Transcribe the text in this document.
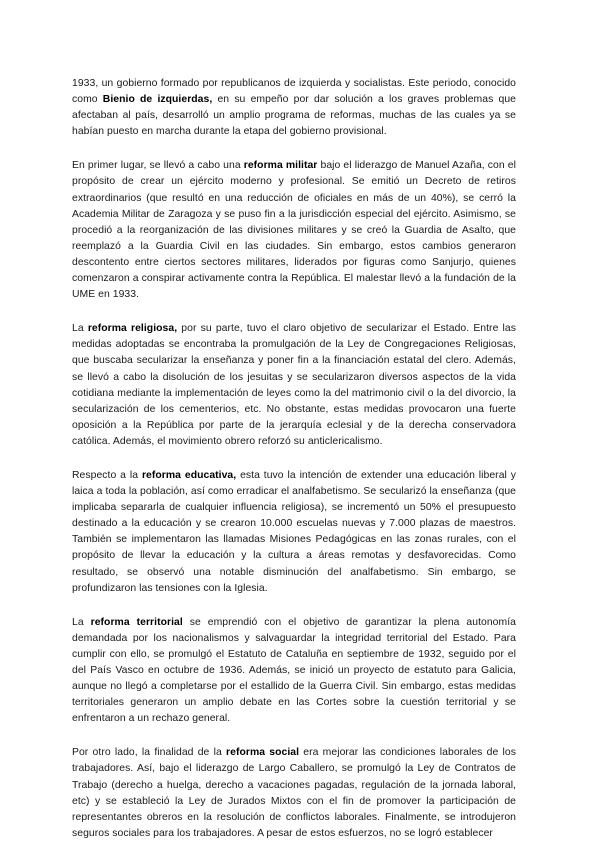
1933, un gobierno formado por republicanos de izquierda y socialistas. Este periodo, conocido como Bienio de izquierdas, en su empeño por dar solución a los graves problemas que afectaban al país, desarrolló un amplio programa de reformas, muchas de las cuales ya se habían puesto en marcha durante la etapa del gobierno provisional.
En primer lugar, se llevó a cabo una reforma militar bajo el liderazgo de Manuel Azaña, con el propósito de crear un ejército moderno y profesional. Se emitió un Decreto de retiros extraordinarios (que resultó en una reducción de oficiales en más de un 40%), se cerró la Academia Militar de Zaragoza y se puso fin a la jurisdicción especial del ejército. Asimismo, se procedió a la reorganización de las divisiones militares y se creó la Guardia de Asalto, que reemplazó a la Guardia Civil en las ciudades. Sin embargo, estos cambios generaron descontento entre ciertos sectores militares, liderados por figuras como Sanjurjo, quienes comenzaron a conspirar activamente contra la República. El malestar llevó a la fundación de la UME en 1933.
La reforma religiosa, por su parte, tuvo el claro objetivo de secularizar el Estado. Entre las medidas adoptadas se encontraba la promulgación de la Ley de Congregaciones Religiosas, que buscaba secularizar la enseñanza y poner fin a la financiación estatal del clero. Además, se llevó a cabo la disolución de los jesuitas y se secularizaron diversos aspectos de la vida cotidiana mediante la implementación de leyes como la del matrimonio civil o la del divorcio, la secularización de los cementerios, etc. No obstante, estas medidas provocaron una fuerte oposición a la República por parte de la jerarquía eclesial y de la derecha conservadora católica. Además, el movimiento obrero reforzó su anticlericalismo.
Respecto a la reforma educativa, esta tuvo la intención de extender una educación liberal y laica a toda la población, así como erradicar el analfabetismo. Se secularizó la enseñanza (que implicaba separarla de cualquier influencia religiosa), se incrementó un 50% el presupuesto destinado a la educación y se crearon 10.000 escuelas nuevas y 7.000 plazas de maestros. También se implementaron las llamadas Misiones Pedagógicas en las zonas rurales, con el propósito de llevar la educación y la cultura a áreas remotas y desfavorecidas. Como resultado, se observó una notable disminución del analfabetismo. Sin embargo, se profundizaron las tensiones con la Iglesia.
La reforma territorial se emprendió con el objetivo de garantizar la plena autonomía demandada por los nacionalismos y salvaguardar la integridad territorial del Estado. Para cumplir con ello, se promulgó el Estatuto de Cataluña en septiembre de 1932, seguido por el del País Vasco en octubre de 1936. Además, se inició un proyecto de estatuto para Galicia, aunque no llegó a completarse por el estallido de la Guerra Civil. Sin embargo, estas medidas territoriales generaron un amplio debate en las Cortes sobre la cuestión territorial y se enfrentaron a un rechazo general.
Por otro lado, la finalidad de la reforma social era mejorar las condiciones laborales de los trabajadores. Así, bajo el liderazgo de Largo Caballero, se promulgó la Ley de Contratos de Trabajo (derecho a huelga, derecho a vacaciones pagadas, regulación de la jornada laboral, etc) y se estableció la Ley de Jurados Mixtos con el fin de promover la participación de representantes obreros en la resolución de conflictos laborales. Finalmente, se introdujeron seguros sociales para los trabajadores. A pesar de estos esfuerzos, no se logró establecer
